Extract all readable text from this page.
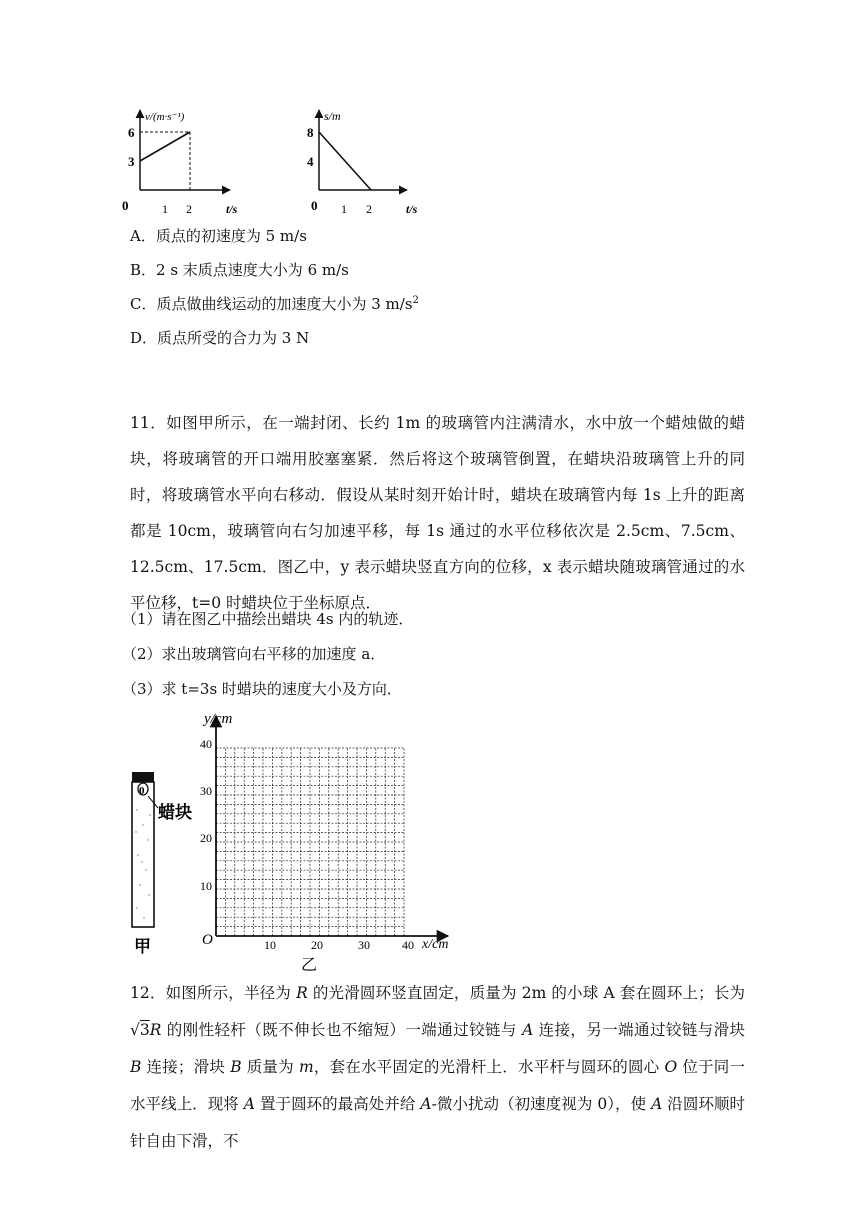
v/(m·s⁻¹)
6
3
0	1 2	t/s
s/m
8
4
0 1 2	t/s
A．质点的初速度为 5 m/s
B．2 s 末质点速度大小为 6 m/s
C．质点做曲线运动的加速度大小为 3 $m/s^2$
D．质点所受的合力为 3 N
11．如图甲所示，在一端封闭、长约 1m 的玻璃管内注满清水，水中放一个蜡烛做的蜡块，将玻璃管的开口端用胶塞塞紧．然后将这个玻璃管倒置，在蜡块沿玻璃管上升的同时，将玻璃管水平向右移动．假设从某时刻开始计时，蜡块在玻璃管内每 1s 上升的距离都是 10cm，玻璃管向右匀加速平移，每 1s 通过的水平位移依次是 2.5cm、7.5cm、12.5cm、17.5cm．图乙中，y 表示蜡块竖直方向的位移，x 表示蜡块随玻璃管通过的水平位移，t=0 时蜡块位于坐标原点．
（1）请在图乙中描绘出蜡块 4s 内的轨迹．
（2）求出玻璃管向右平移的加速度 a．
（3）求 t=3s 时蜡块的速度大小及方向．
0
蜡块
甲
y/cm
x/cm
O
40
30
20
10
10	20	30	40
乙
12．如图所示，半径为 R 的光滑圆环竖直固定，质量为 2m 的小球 A 套在圆环上；长为 √3R 的刚性轻杆（既不伸长也不缩短）一端通过铰链与 A 连接，另一端通过铰链与滑块 B 连接；滑块 B 质量为 m，套在水平固定的光滑杆上．水平杆与圆环的圆心 O 位于同一水平线上．现将 A 置于圆环的最高处并给 A-微小扰动（初速度视为 0），使 A 沿圆环顺时针自由下滑，不
